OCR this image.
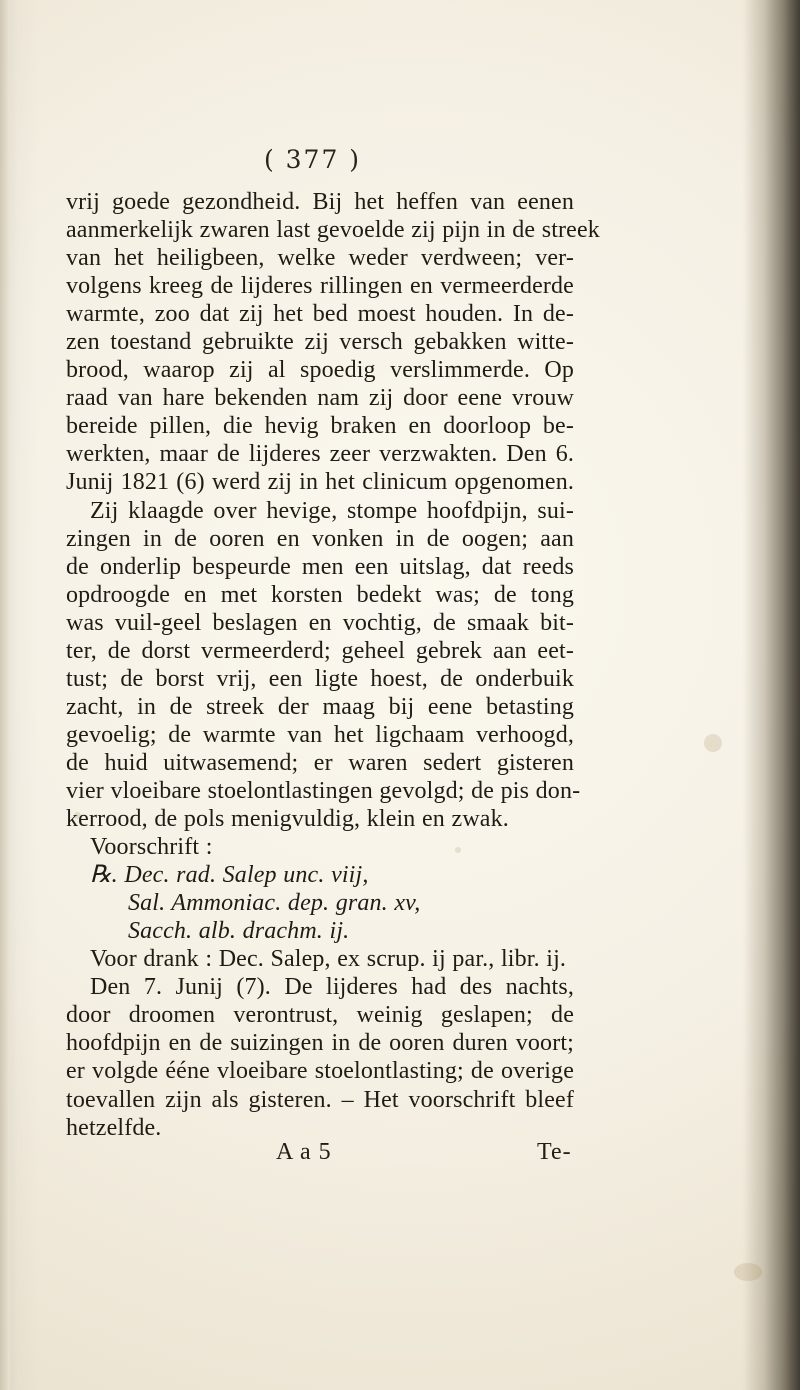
( 377 )
vrij goede gezondheid. Bij het heffen van eenen
aanmerkelijk zwaren last gevoelde zij pijn in de streek
van het heiligbeen, welke weder verdween; ver-
volgens kreeg de lijderes rillingen en vermeerderde
warmte, zoo dat zij het bed moest houden. In de-
zen toestand gebruikte zij versch gebakken witte-
brood, waarop zij al spoedig verslimmerde. Op
raad van hare bekenden nam zij door eene vrouw
bereide pillen, die hevig braken en doorloop be-
werkten, maar de lijderes zeer verzwakten. Den 6.
Junij 1821 (6) werd zij in het clinicum opgenomen.
Zij klaagde over hevige, stompe hoofdpijn, sui-
zingen in de ooren en vonken in de oogen; aan
de onderlip bespeurde men een uitslag, dat reeds
opdroogde en met korsten bedekt was; de tong
was vuil-geel beslagen en vochtig, de smaak bit-
ter, de dorst vermeerderd; geheel gebrek aan eet-
tust; de borst vrij, een ligte hoest, de onderbuik
zacht, in de streek der maag bij eene betasting
gevoelig; de warmte van het ligchaam verhoogd,
de huid uitwasemend; er waren sedert gisteren
vier vloeibare stoelontlastingen gevolgd; de pis don-
kerrood, de pols menigvuldig, klein en zwak.
Voorschrift :
℞. Dec. rad. Salep unc. viij,
Sal. Ammoniac. dep. gran. xv,
Sacch. alb. drachm. ij.
Voor drank : Dec. Salep, ex scrup. ij par., libr. ij.
Den 7. Junij (7). De lijderes had des nachts,
door droomen verontrust, weinig geslapen; de
hoofdpijn en de suizingen in de ooren duren voort;
er volgde ééne vloeibare stoelontlasting; de overige
toevallen zijn als gisteren. – Het voorschrift bleef
hetzelfde.
A a 5	Te-
